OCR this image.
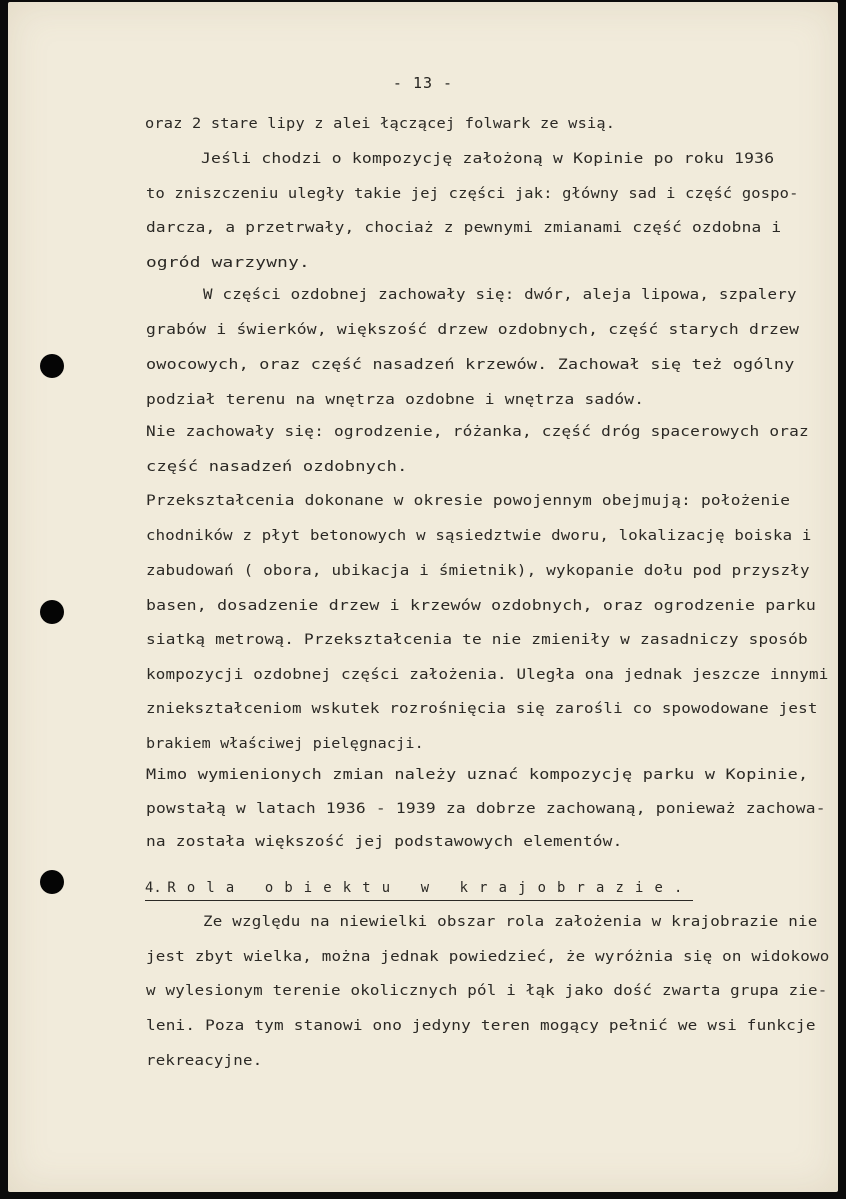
- 13 -
oraz 2 stare lipy z alei łączącej folwark ze wsią.
Jeśli chodzi o kompozycję założoną w Kopinie po roku 1936
to zniszczeniu uległy takie jej części jak: główny sad i część gospo-
darcza, a przetrwały, chociaż z pewnymi zmianami część ozdobna i
ogród warzywny.
W części ozdobnej zachowały się: dwór, aleja lipowa, szpalery
grabów i świerków, większość drzew ozdobnych, część starych drzew
owocowych, oraz część nasadzeń krzewów. Zachował się też ogólny
podział terenu na wnętrza ozdobne i wnętrza sadów.
Nie zachowały się: ogrodzenie, różanka, część dróg spacerowych oraz
część nasadzeń ozdobnych.
Przekształcenia dokonane w okresie powojennym obejmują: położenie
chodników z płyt betonowych w sąsiedztwie dworu, lokalizację boiska i
zabudowań ( obora, ubikacja i śmietnik), wykopanie dołu pod przyszły
basen, dosadzenie drzew i krzewów ozdobnych, oraz ogrodzenie parku
siatką metrową. Przekształcenia te nie zmieniły w zasadniczy sposób
kompozycji ozdobnej części założenia. Uległa ona jednak jeszcze innymi
zniekształceniom wskutek rozrośnięcia się zarośli co spowodowane jest
brakiem właściwej pielęgnacji.
Mimo wymienionych zmian należy uznać kompozycję parku w Kopinie,
powstałą w latach 1936 - 1939 za dobrze zachowaną, ponieważ zachowa-
na została większość jej podstawowych elementów.
4. Rola obiektu w krajobrazie.
Ze względu na niewielki obszar rola założenia w krajobrazie nie
jest zbyt wielka, można jednak powiedzieć, że wyróżnia się on widokowo
w wylesionym terenie okolicznych pól i łąk jako dość zwarta grupa zie-
leni. Poza tym stanowi ono jedyny teren mogący pełnić we wsi funkcje
rekreacyjne.
